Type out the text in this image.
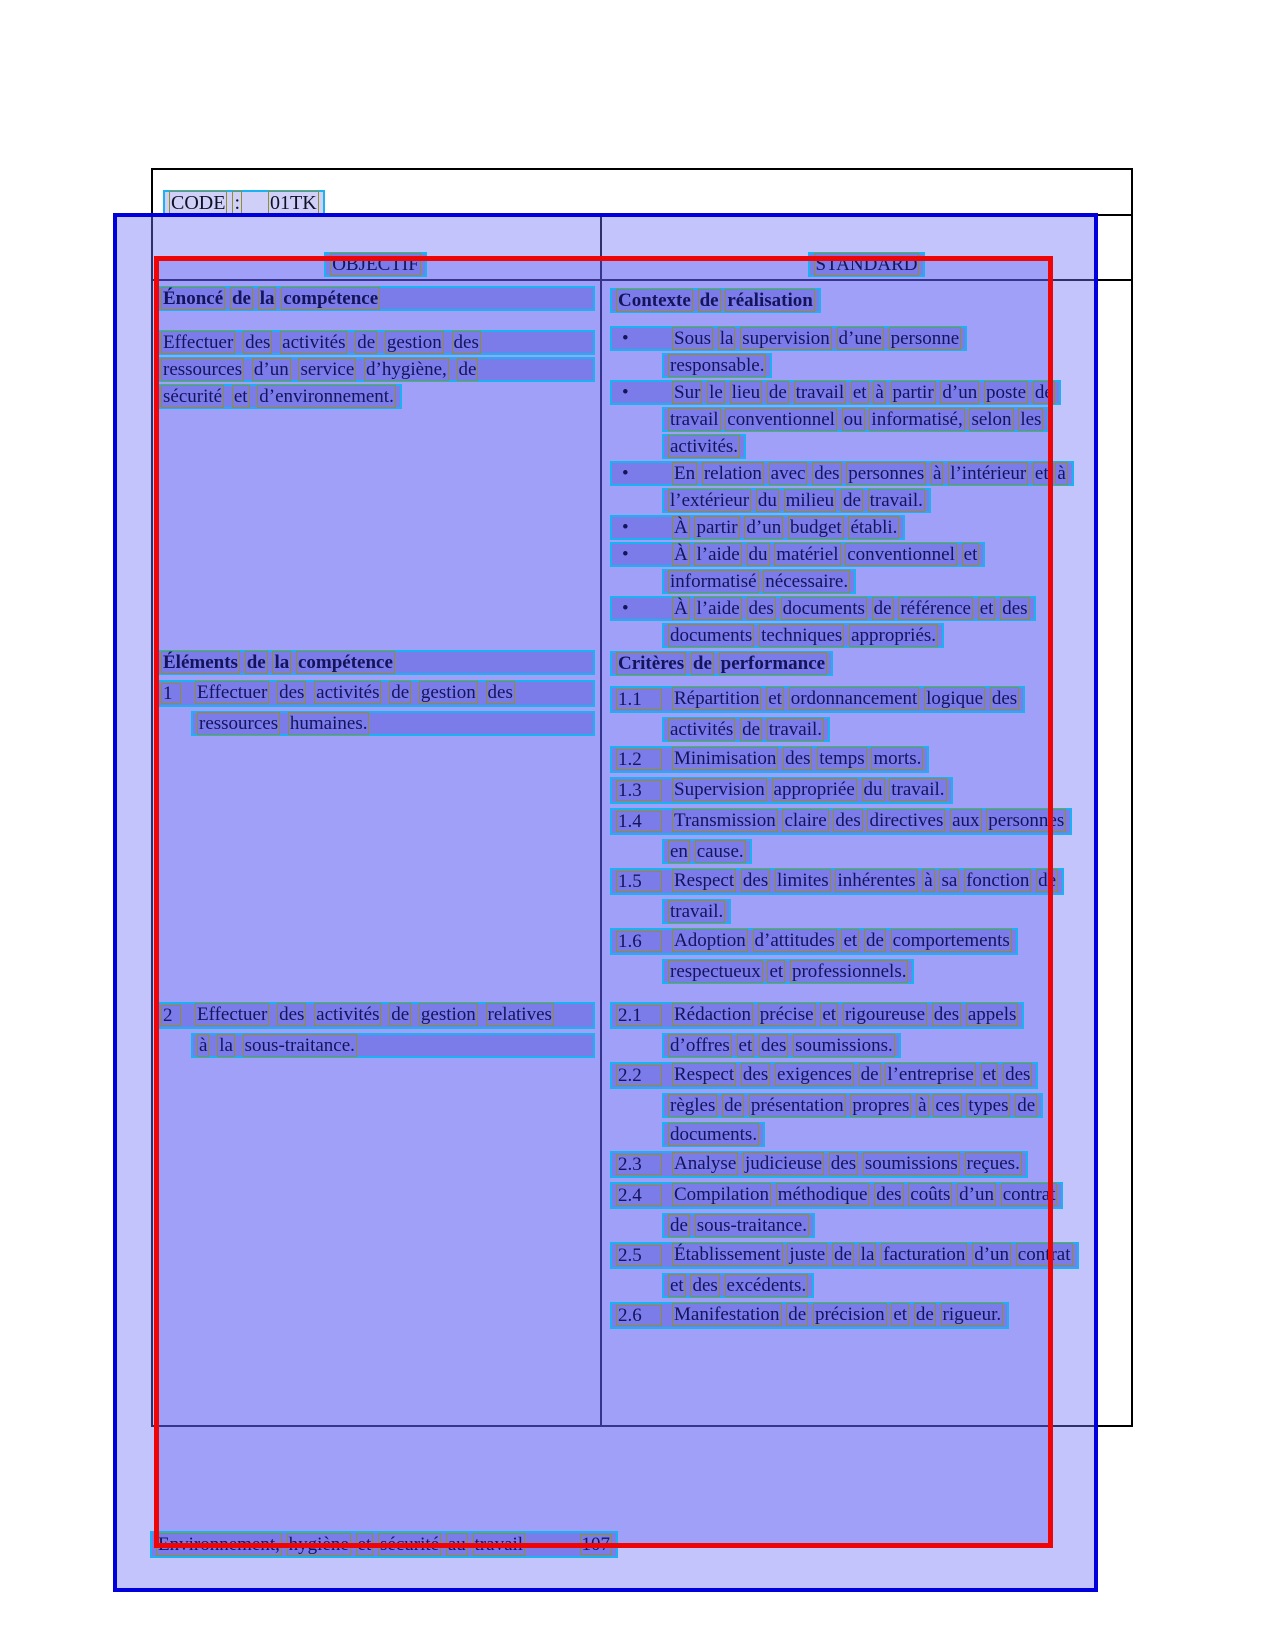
CODE : 01TK
OBJECTIF	STANDARD
Énoncé de la compétence
Effectuer des activités de gestion des
ressources d’un service d’hygiène, de
sécurité et d’environnement.
Éléments de la compétence
1	Effectuer des activités de gestion des
ressources humaines.
2	Effectuer des activités de gestion relatives
à la sous-traitance.
Contexte de réalisation
•	Sous la supervision d’une personne
responsable.
•	Sur le lieu de travail et à partir d’un poste de
travail conventionnel ou informatisé, selon les
activités.
•	En relation avec des personnes à l’intérieur et à
l’extérieur du milieu de travail.
•	À partir d’un budget établi.
•	À l’aide du matériel conventionnel et
informatisé nécessaire.
•	À l’aide des documents de référence et des
documents techniques appropriés.
Critères de performance
1.1	Répartition et ordonnancement logique des
activités de travail.
1.2	Minimisation des temps morts.
1.3	Supervision appropriée du travail.
1.4	Transmission claire des directives aux personnes
en cause.
1.5	Respect des limites inhérentes à sa fonction de
travail.
1.6	Adoption d’attitudes et de comportements
respectueux et professionnels.
2.1	Rédaction précise et rigoureuse des appels
d’offres et des soumissions.
2.2	Respect des exigences de l’entreprise et des
règles de présentation propres à ces types de
documents.
2.3	Analyse judicieuse des soumissions reçues.
2.4	Compilation méthodique des coûts d’un contrat
de sous-traitance.
2.5	Établissement juste de la facturation d’un contrat
et des excédents.
2.6	Manifestation de précision et de rigueur.
Environnement, hygiène et sécurité au travail	107
